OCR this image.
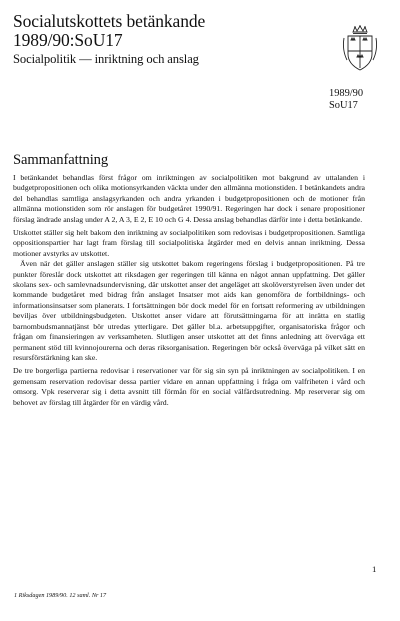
Socialutskottets betänkande
1989/90:SoU17
Socialpolitik — inriktning och anslag
1989/90
SoU17
Sammanfattning

I betänkandet behandlas först frågor om inriktningen av socialpolitiken mot bakgrund av uttalanden i budgetpropositionen och olika motionsyrkanden väckta under den allmänna motionstiden. I betänkandets andra del behandlas samtliga anslagsyrkanden och andra yrkanden i budgetpropositionen och de motioner från allmänna motionstiden som rör anslagen för budgetåret 1990/91. Regeringen har dock i senare propositioner förslag ändrade anslag under A 2, A 3, E 2, E 10 och G 4. Dessa anslag behandlas därför inte i detta betänkande.

Utskottet ställer sig helt bakom den inriktning av socialpolitiken som redovisas i budgetpropositionen. Samtliga oppositionspartier har lagt fram förslag till socialpolitiska åtgärder med en delvis annan inriktning. Dessa motioner avstyrks av utskottet.

Även när det gäller anslagen ställer sig utskottet bakom regeringens förslag i budgetpropositionen. På tre punkter föreslår dock utskottet att riksdagen ger regeringen till känna en något annan uppfattning. Det gäller skolans sex- och samlevnadsundervisning, där utskottet anser det angeläget att skolöverstyrelsen även under det kommande budgetåret med bidrag från anslaget Insatser mot aids kan genomföra de fortbildnings- och informationsinsatser som planerats. I fortsättningen bör dock medel för en fortsatt reformering av utbildningen beviljas över utbildningsbudgeten. Utskottet anser vidare att förutsättningarna för att inrätta en statlig barnombudsmannatjänst bör utredas ytterligare. Det gäller bl.a. arbetsuppgifter, organisatoriska frågor och frågan om finansieringen av verksamheten. Slutligen anser utskottet att det finns anledning att överväga ett permanent stöd till kvinnojourerna och deras riksorganisation. Regeringen bör också överväga på vilket sätt en resursförstärkning kan ske.

De tre borgerliga partierna redovisar i reservationer var för sig sin syn på inriktningen av socialpolitiken. I en gemensam reservation redovisar dessa partier vidare en annan uppfattning i fråga om valfriheten i vård och omsorg. Vpk reserverar sig i detta avsnitt till förmån för en social välfärdsutredning. Mp reserverar sig om behovet av förslag till åtgärder för en värdig vård.

1
1 Riksdagen 1989/90. 12 saml. Nr 17
